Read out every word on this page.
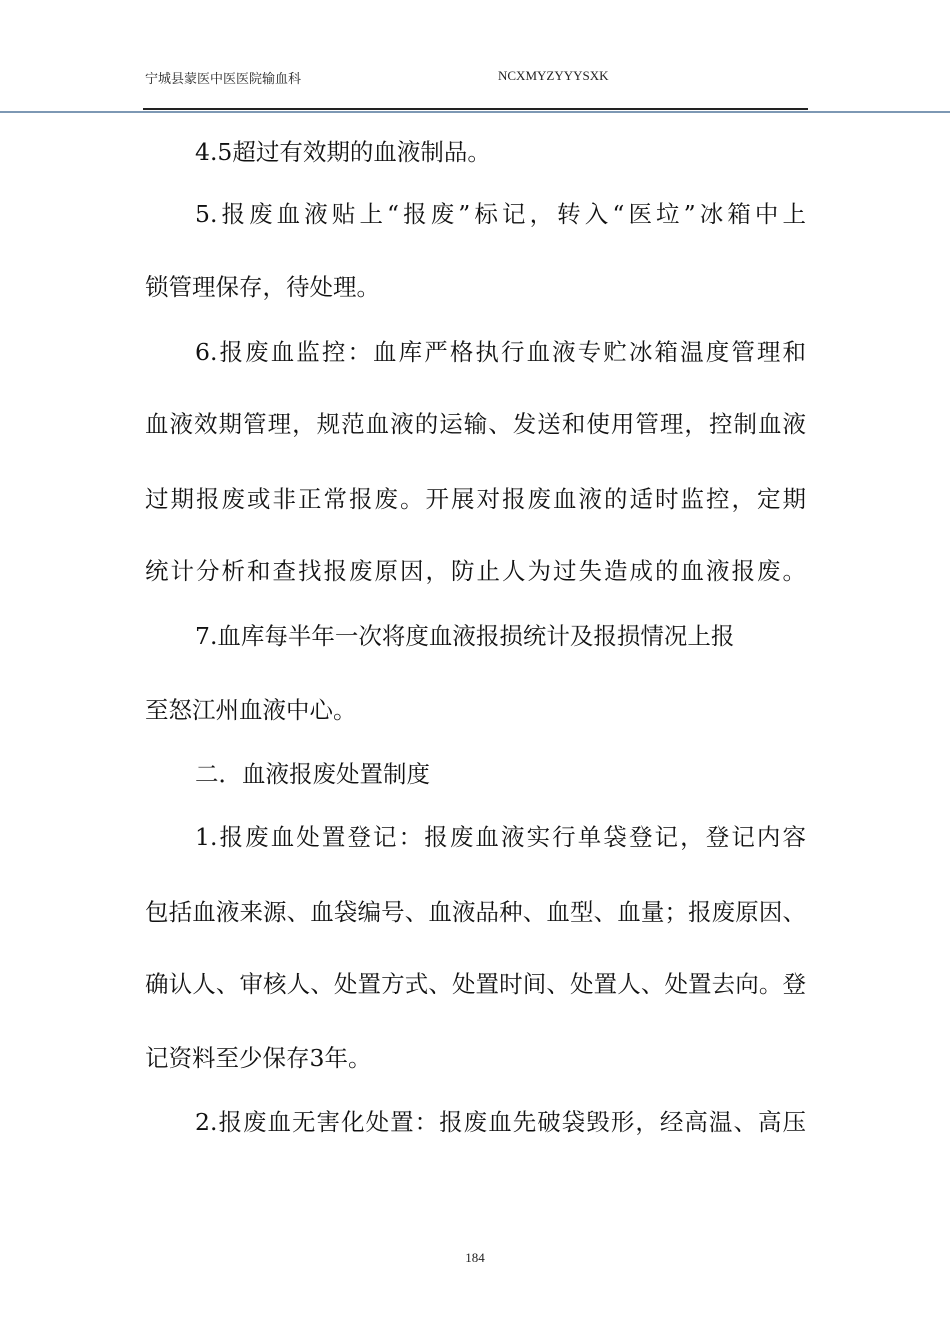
宁城县蒙医中医医院输血科	NCXMYZYYYSXK
4.5超过有效期的血液制品。
5.报废血液贴上“报废”标记，转入“医垃”冰箱中上
锁管理保存，待处理。
6.报废血监控：血库严格执行血液专贮冰箱温度管理和
血液效期管理，规范血液的运输、发送和使用管理，控制血液
过期报废或非正常报废。开展对报废血液的适时监控，定期
统计分析和查找报废原因，防止人为过失造成的血液报废。
7.血库每半年一次将度血液报损统计及报损情况上报
至怒江州血液中心。
二．血液报废处置制度
1.报废血处置登记：报废血液实行单袋登记，登记内容
包括血液来源、血袋编号、血液品种、血型、血量；报废原因、
确认人、审核人、处置方式、处置时间、处置人、处置去向。登
记资料至少保存3年。
2.报废血无害化处置：报废血先破袋毁形，经高温、高压
184
